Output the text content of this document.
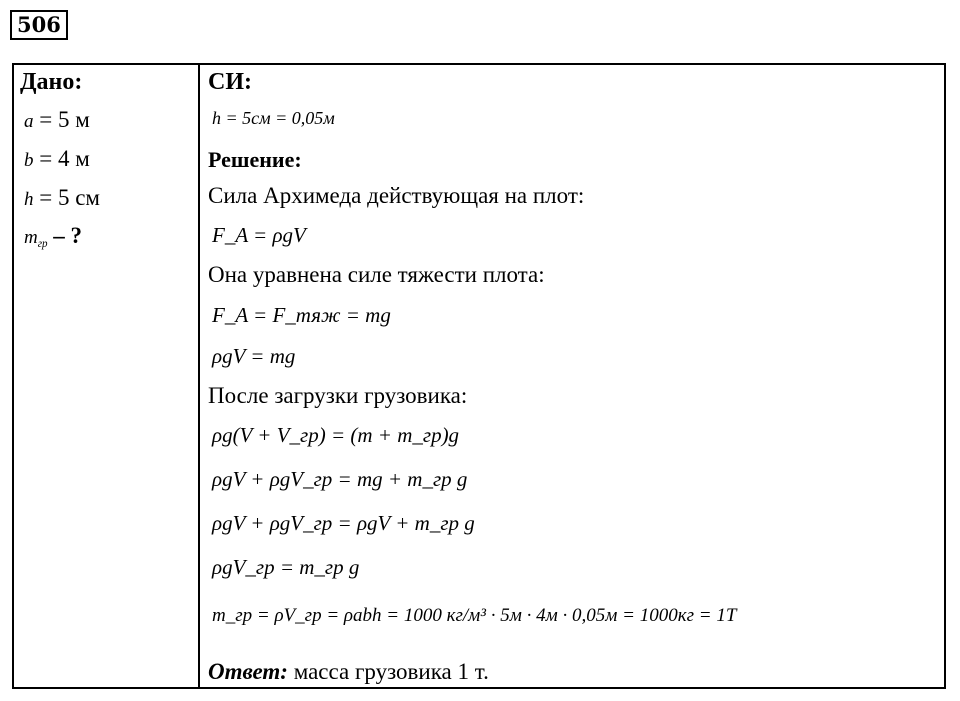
506
Дано:
a = 5 м
b = 4 м
h = 5 см
$m_{гр}$ – ?
СИ:
h = 5см = 0,05м
Решение:
Сила Архимеда действующая на плот:
F_A = ρgV
Она уравнена силе тяжести плота:
F_A = F_тяж = mg
ρgV = mg
После загрузки грузовика:
ρg(V + V_гр) = (m + m_гр)g
ρgV + ρgV_гр = mg + m_гр g
ρgV + ρgV_гр = ρgV + m_гр g
ρgV_гр = m_гр g
m_гр = ρV_гр = ρabh = 1000 кг/м³ · 5м · 4м · 0,05м = 1000кг = 1T
Ответ: масса грузовика 1 т.
